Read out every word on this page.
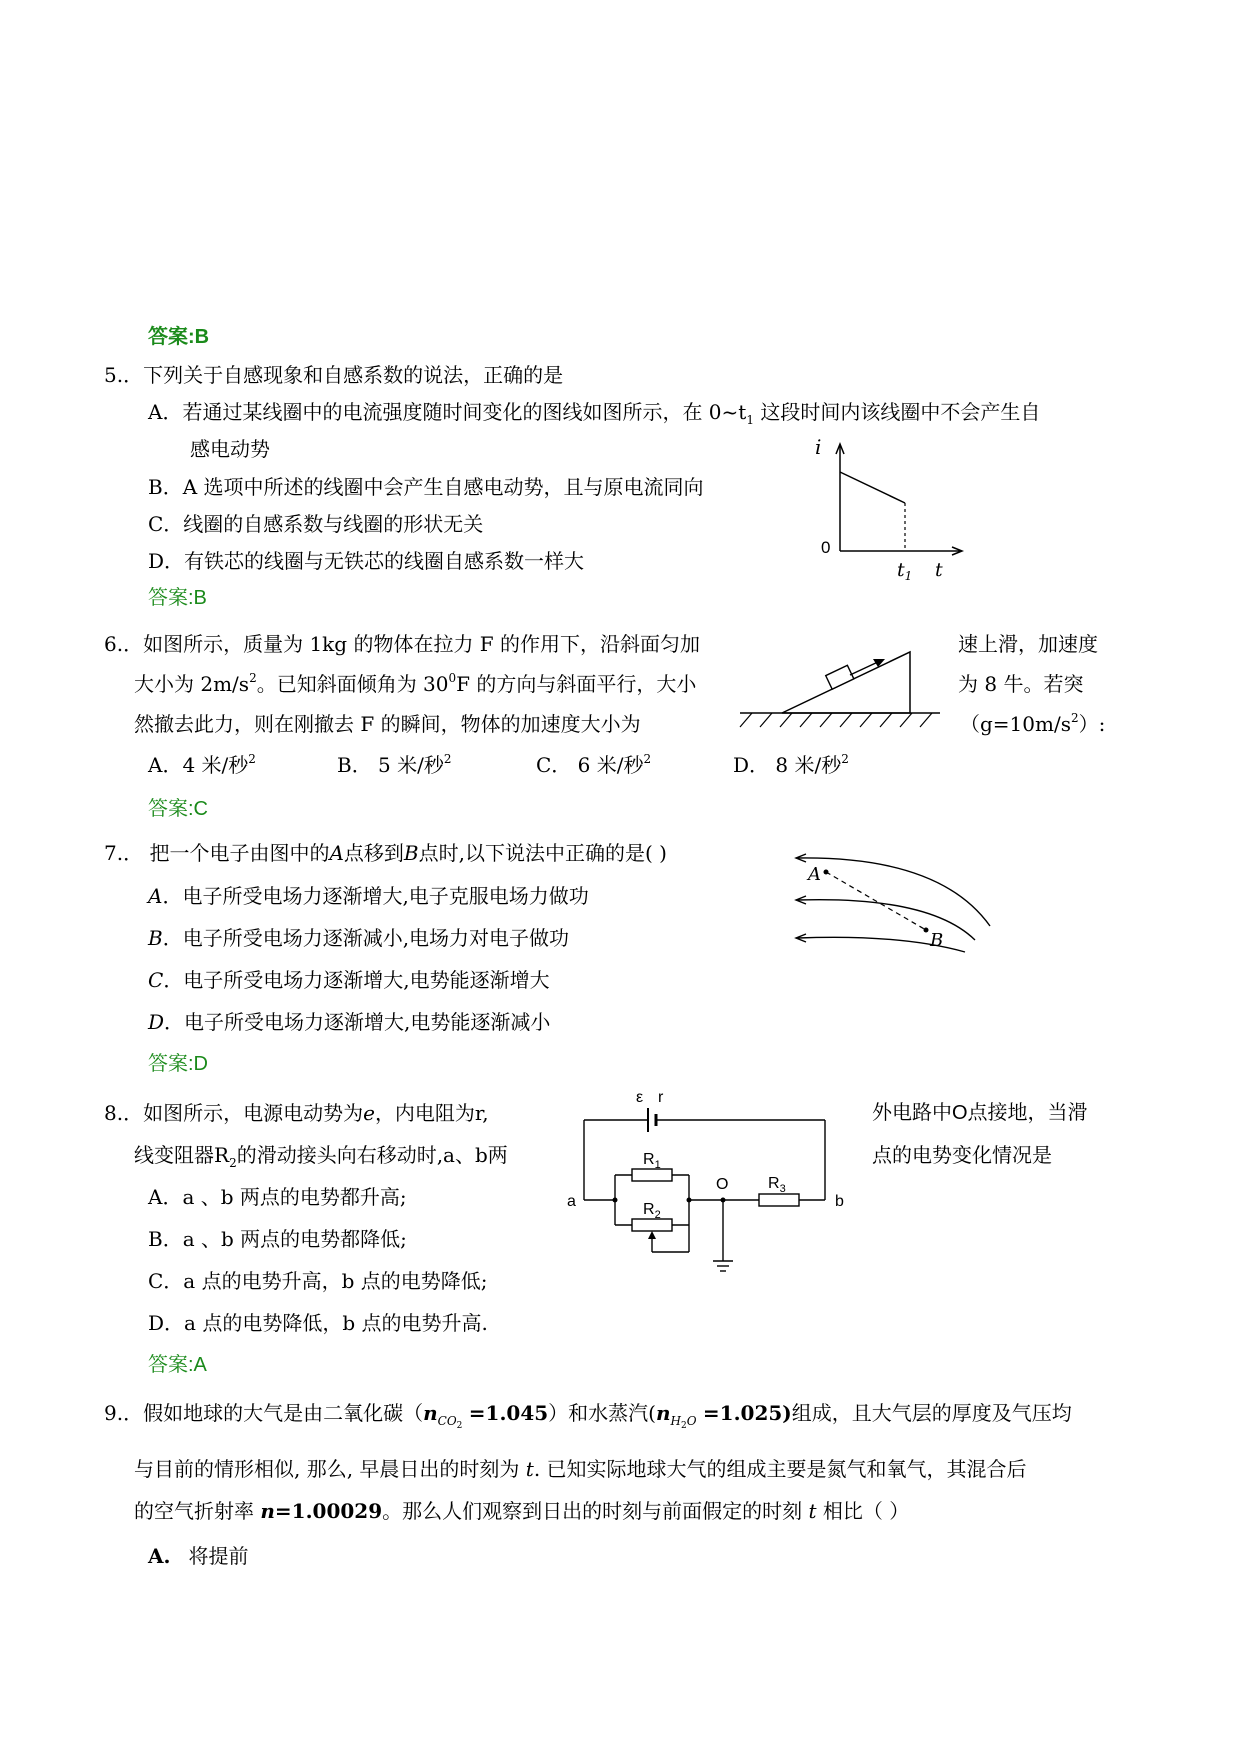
答案:B
5.．下列关于自感现象和自感系数的说法，正确的是
A．若通过某线圈中的电流强度随时间变化的图线如图所示，在 $0\sim t_1$ 这段时间内该线圈中不会产生自
感电动势
B．A 选项中所述的线圈中会产生自感电动势，且与原电流同向
C．线圈的自感系数与线圈的形状无关
D．有铁芯的线圈与无铁芯的线圈自感系数一样大
答案:B
i
0
$t_1$ t
6.．如图所示，质量为 1kg 的物体在拉力 F 的作用下，沿斜面匀加	速上滑，加速度
大小为 $2m/s^2$。已知斜面倾角为 $30^0F$ 的方向与斜面平行，大小	为 8 牛。若突
然撤去此力，则在刚撤去 F 的瞬间，物体的加速度大小为	$(g=10m/s^2)$:
A．4 米/秒$^2$	B． 5 米/秒$^2$	C． 6 米/秒$^2$	D． 8 米/秒$^2$
答案:C
7.． 把一个电子由图中的A点移到B点时,以下说法中正确的是( )
A．电子所受电场力逐渐增大,电子克服电场力做功
B．电子所受电场力逐渐减小,电场力对电子做功
C．电子所受电场力逐渐增大,电势能逐渐增大
D．电子所受电场力逐渐增大,电势能逐渐减小
答案:D
A
B
8.．如图所示，电源电动势为e，内电阻为r,	外电路中O点接地，当滑
线变阻器$R_2$的滑动接头向右移动时,a、b两	点的电势变化情况是
A．a 、b 两点的电势都升高;
B．a 、b 两点的电势都降低;
C．a 点的电势升高，b 点的电势降低;
D．a 点的电势降低，b 点的电势升高.
答案:A
ε r
$R_1$
$R_2$
$R_3$
a	b
O
9.．假如地球的大气是由二氧化碳$(n_{CO2} =1.045)$和水蒸汽$(n_{H2O} =1.025)$组成，且大气层的厚度及气压均
与目前的情形相似, 那么, 早晨日出的时刻为 t. 已知实际地球大气的组成主要是氮气和氧气，其混合后
的空气折射率 n=1.00029。那么人们观察到日出的时刻与前面假定的时刻 t 相比（ ）
A. 将提前
